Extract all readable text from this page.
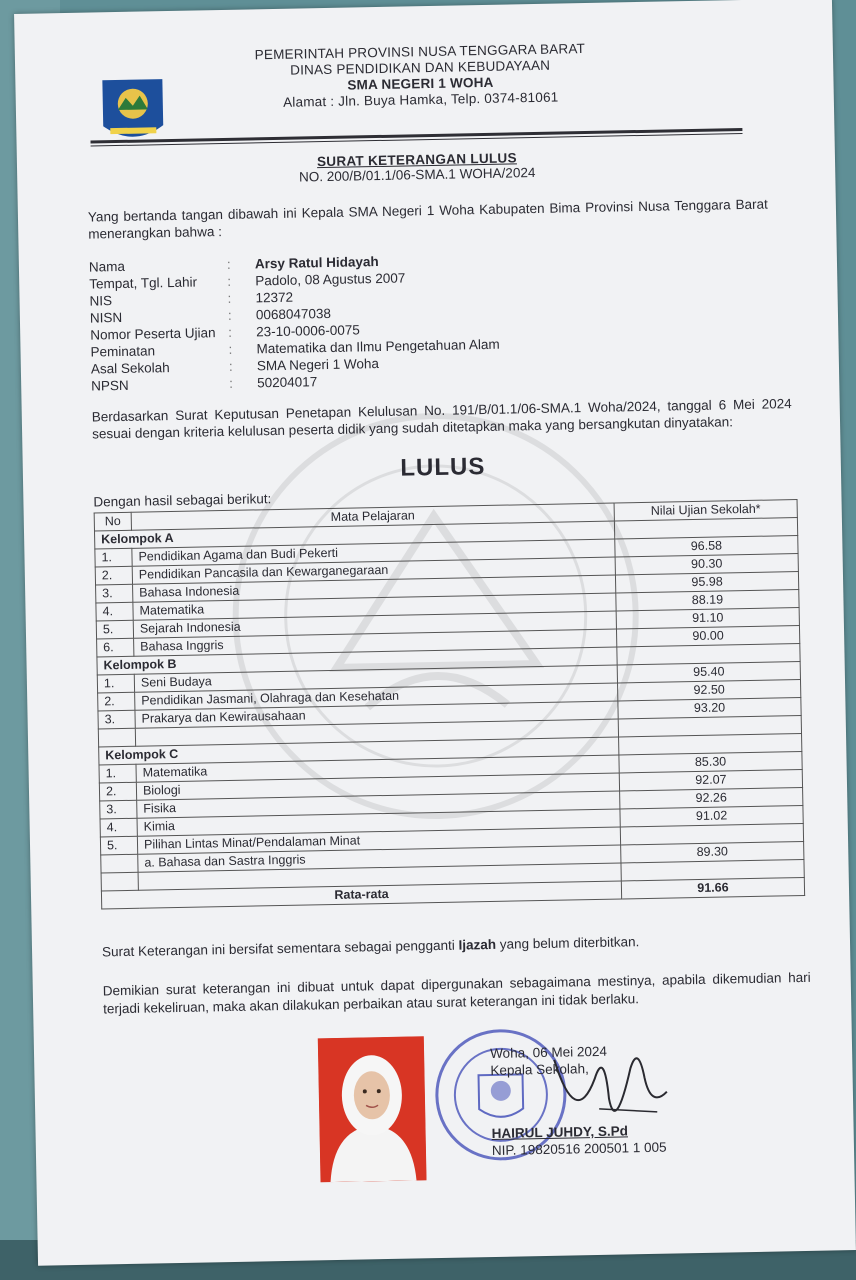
PEMERINTAH PROVINSI NUSA TENGGARA BARAT
DINAS PENDIDIKAN DAN KEBUDAYAAN
SMA NEGERI 1 WOHA
Alamat : Jln. Buya Hamka, Telp. 0374-81061
SURAT KETERANGAN LULUS
NO. 200/B/01.1/06-SMA.1 WOHA/2024
Yang bertanda tangan dibawah ini Kepala SMA Negeri 1 Woha Kabupaten Bima Provinsi Nusa Tenggara Barat menerangkan bahwa :
Nama	:	Arsy Ratul Hidayah
Tempat, Tgl. Lahir	:	Padolo, 08 Agustus 2007
NIS	:	12372
NISN	:	0068047038
Nomor Peserta Ujian :	23-10-0006-0075
Peminatan	:	Matematika dan Ilmu Pengetahuan Alam
Asal Sekolah	:	SMA Negeri 1 Woha
NPSN	:	50204017
Berdasarkan Surat Keputusan Penetapan Kelulusan No. 191/B/01.1/06-SMA.1 Woha/2024, tanggal 6 Mei 2024 sesuai dengan kriteria kelulusan peserta didik yang sudah ditetapkan maka yang bersangkutan dinyatakan:
LULUS
Dengan hasil sebagai berikut:
No	Mata Pelajaran	Nilai Ujian Sekolah*
Kelompok A		
1.	Pendidikan Agama dan Budi Pekerti	96.58
2.	Pendidikan Pancasila dan Kewarganegaraan	90.30
3.	Bahasa Indonesia	95.98
4.	Matematika	88.19
5.	Sejarah Indonesia	91.10
6.	Bahasa Inggris	90.00
Kelompok B		
1.	Seni Budaya	95.40
2.	Pendidikan Jasmani, Olahraga dan Kesehatan	92.50
3.	Prakarya dan Kewirausahaan	93.20

Kelompok C		
1.	Matematika	85.30
2.	Biologi	92.07
3.	Fisika	92.26
4.	Kimia	91.02
5.	Pilihan Lintas Minat/Pendalaman Minat	
	a. Bahasa dan Sastra Inggris	89.30

Rata-rata		91.66
Surat Keterangan ini bersifat sementara sebagai pengganti Ijazah yang belum diterbitkan.
Demikian surat keterangan ini dibuat untuk dapat dipergunakan sebagaimana mestinya, apabila dikemudian hari terjadi kekeliruan, maka akan dilakukan perbaikan atau surat keterangan ini tidak berlaku.
Woha, 06 Mei 2024
Kepala Sekolah,
HAIRUL JUHDY, S.Pd
NIP. 19820516 200501 1 005
